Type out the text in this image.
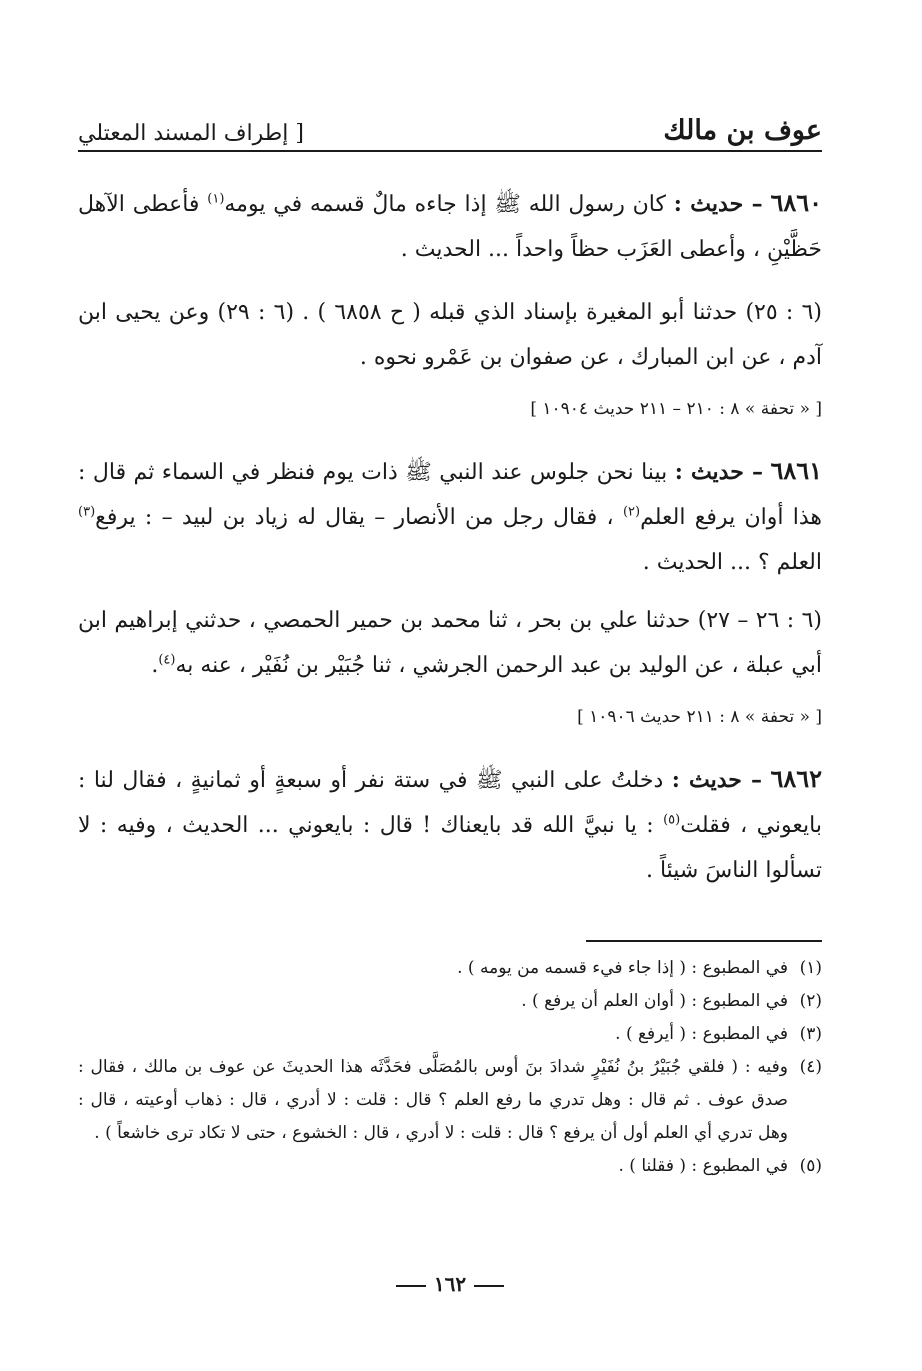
عوف بن مالك
[ إطراف المسند المعتلي

٦٨٦٠ – حديث : كان رسول الله ﷺ إذا جاءه مالٌ قسمه في يومه$^{(١)}$ فأعطى الآهل حَظَّيْنِ ، وأعطى العَزَب حظاً واحداً ... الحديث .

(٦ : ٢٥) حدثنا أبو المغيرة بإسناد الذي قبله ( ح ٦٨٥٨ ) . (٦ : ٢٩) وعن يحيى ابن آدم ، عن ابن المبارك ، عن صفوان بن عَمْرو نحوه .

[ « تحفة » ٨ : ٢١٠ – ٢١١ حديث ١٠٩٠٤ ]

٦٨٦١ – حديث : بينا نحن جلوس عند النبي ﷺ ذات يوم فنظر في السماء ثم قال : هذا أوان يرفع العلم$^{(٢)}$ ، فقال رجل من الأنصار – يقال له زياد بن لبيد – : يرفع$^{(٣)}$ العلم ؟ ... الحديث .

(٦ : ٢٦ – ٢٧) حدثنا علي بن بحر ، ثنا محمد بن حمير الحمصي ، حدثني إبراهيم ابن أبي عبلة ، عن الوليد بن عبد الرحمن الجرشي ، ثنا جُبَيْر بن نُفَيْر ، عنه به$^{(٤)}$.

[ « تحفة » ٨ : ٢١١ حديث ١٠٩٠٦ ]

٦٨٦٢ – حديث : دخلتُ على النبي ﷺ في ستة نفر أو سبعةٍ أو ثمانيةٍ ، فقال لنا : بايعوني ، فقلت$^{(٥)}$ : يا نبيَّ الله قد بايعناك ! قال : بايعوني ... الحديث ، وفيه : لا تسألوا الناسَ شيئاً .

(١)
في المطبوع : ( إذا جاء فيء قسمه من يومه ) .

(٢)
في المطبوع : ( أوان العلم أن يرفع ) .

(٣)
في المطبوع : ( أيرفع ) .

(٤)
وفيه : ( فلقي جُبَيْرُ بنُ نُفَيْرٍ شدادَ بنَ أوس بالمُصَلَّى فحَدَّثَه هذا الحديثَ عن عوف بن مالك ، فقال : صدق عوف . ثم قال : وهل تدري ما رفع العلم ؟ قال : قلت : لا أدري ، قال : ذهاب أوعيته ، قال : وهل تدري أي العلم أول أن يرفع ؟ قال : قلت : لا أدري ، قال : الخشوع ، حتى لا تكاد ترى خاشعاً ) .

(٥)
في المطبوع : ( فقلنا ) .

١٦٢
